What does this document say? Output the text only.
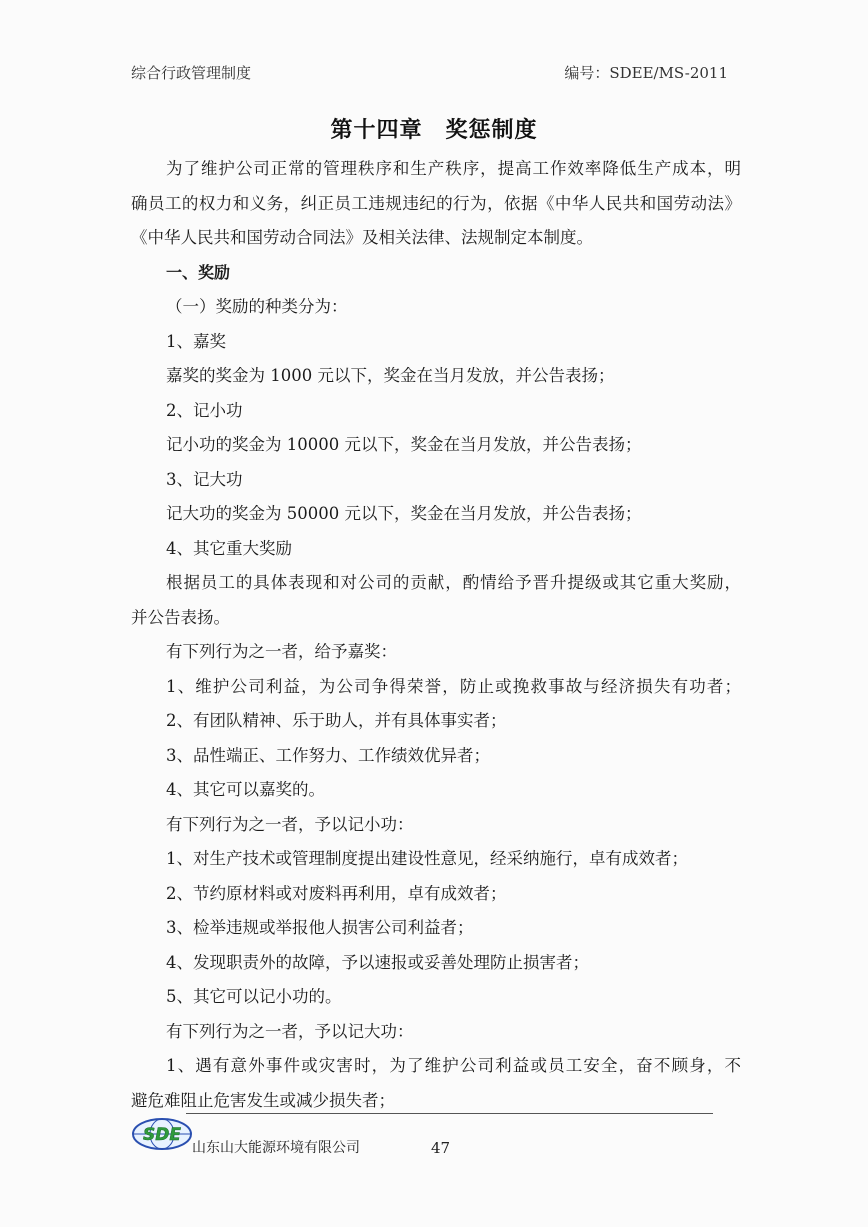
综合行政管理制度	编号：SDEE/MS-2011
第十四章　奖惩制度
为了维护公司正常的管理秩序和生产秩序，提高工作效率降低生产成本，明
确员工的权力和义务，纠正员工违规违纪的行为，依据《中华人民共和国劳动法》
《中华人民共和国劳动合同法》及相关法律、法规制定本制度。
一、奖励
（一）奖励的种类分为：
1、嘉奖
嘉奖的奖金为 1000 元以下，奖金在当月发放，并公告表扬；
2、记小功
记小功的奖金为 10000 元以下，奖金在当月发放，并公告表扬；
3、记大功
记大功的奖金为 50000 元以下，奖金在当月发放，并公告表扬；
4、其它重大奖励
根据员工的具体表现和对公司的贡献，酌情给予晋升提级或其它重大奖励，
并公告表扬。
有下列行为之一者，给予嘉奖：
1、维护公司利益，为公司争得荣誉，防止或挽救事故与经济损失有功者；
2、有团队精神、乐于助人，并有具体事实者；
3、品性端正、工作努力、工作绩效优异者；
4、其它可以嘉奖的。
有下列行为之一者，予以记小功：
1、对生产技术或管理制度提出建设性意见，经采纳施行，卓有成效者；
2、节约原材料或对废料再利用，卓有成效者；
3、检举违规或举报他人损害公司利益者；
4、发现职责外的故障，予以速报或妥善处理防止损害者；
5、其它可以记小功的。
有下列行为之一者，予以记大功：
1、遇有意外事件或灾害时，为了维护公司利益或员工安全，奋不顾身，不
避危难阻止危害发生或减少损失者；
SDE
山东山大能源环境有限公司	47
